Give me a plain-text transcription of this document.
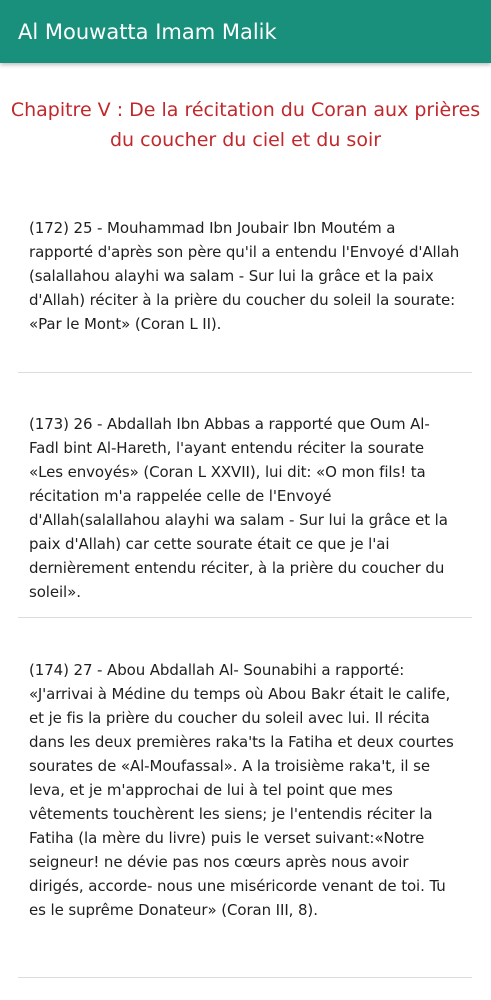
Al Mouwatta Imam Malik
Chapitre V : De la récitation du Coran aux prières du coucher du ciel et du soir

(172) 25 - Mouhammad Ibn Joubair Ibn Moutém a rapporté d'après son père qu'il a entendu l'Envoyé d'Allah (salallahou alayhi wa salam - Sur lui la grâce et la paix d'Allah) réciter à la prière du coucher du soleil la sourate: «Par le Mont» (Coran L II).

(173) 26 - Abdallah Ibn Abbas a rapporté que Oum Al- Fadl bint Al-Hareth, l'ayant entendu réciter la sourate «Les envoyés» (Coran L XXVII), lui dit: «O mon fils! ta récitation m'a rappelée celle de l'Envoyé d'Allah(salallahou alayhi wa salam - Sur lui la grâce et la paix d'Allah) car cette sourate était ce que je l'ai dernièrement entendu réciter, à la prière du coucher du soleil».

(174) 27 - Abou Abdallah Al- Sounabihi a rapporté: «J'arrivai à Médine du temps où Abou Bakr était le calife, et je fis la prière du coucher du soleil avec lui. Il récita dans les deux premières raka'ts la Fatiha et deux courtes sourates de «Al-Moufassal». A la troisième raka't, il se leva, et je m'approchai de lui à tel point que mes vêtements touchèrent les siens; je l'entendis réciter la Fatiha (la mère du livre) puis le verset suivant:«Notre seigneur! ne dévie pas nos cœurs après nous avoir dirigés, accorde- nous une miséricorde venant de toi. Tu es le suprême Donateur» (Coran III, 8).
